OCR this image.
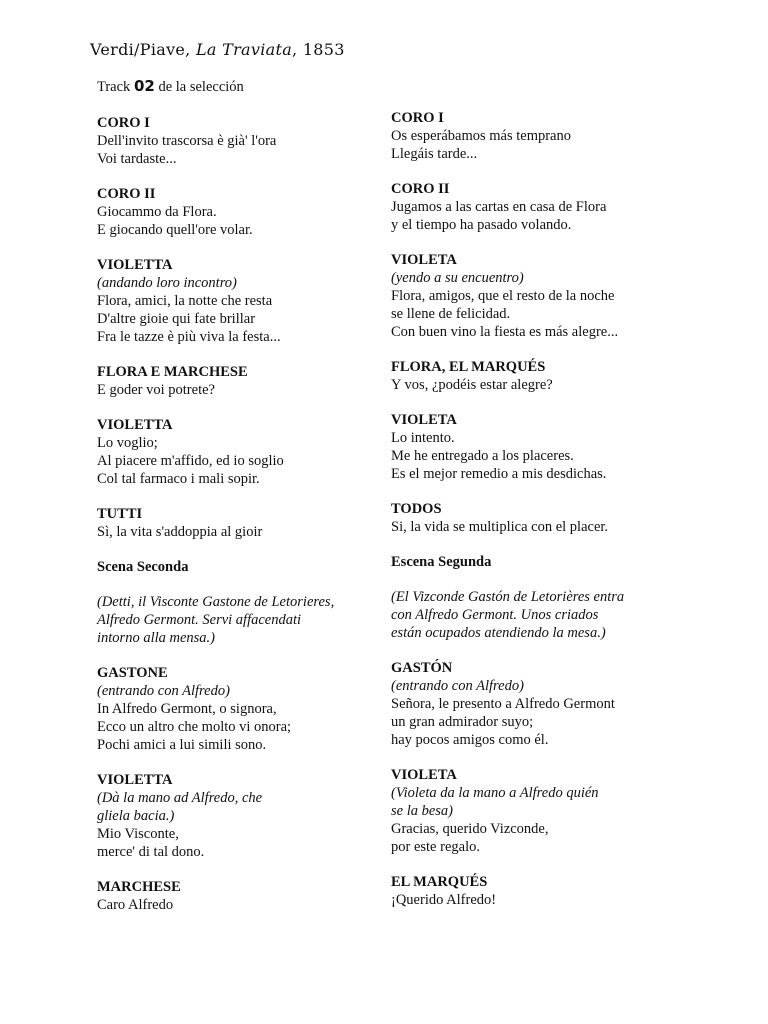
Verdi/Piave, La Traviata, 1853
Track 02 de la selección
CORO I
Dell'invito trascorsa è già' l'ora
Voi tardaste...
CORO II
Giocammo da Flora.
E giocando quell'ore volar.
VIOLETTA
(andando loro incontro)
Flora, amici, la notte che resta
D'altre gioie qui fate brillar
Fra le tazze è più viva la festa...
FLORA E MARCHESE
E goder voi potrete?
VIOLETTA
Lo voglio;
Al piacere m'affido, ed io soglio
Col tal farmaco i mali sopir.
TUTTI
Sì, la vita s'addoppia al gioir
Scena Seconda
(Detti, il Visconte Gastone de Letorieres,
Alfredo Germont. Servi affacendati
intorno alla mensa.)
GASTONE
(entrando con Alfredo)
In Alfredo Germont, o signora,
Ecco un altro che molto vi onora;
Pochi amici a lui simili sono.
VIOLETTA
(Dà la mano ad Alfredo, che
gliela bacia.)
Mio Visconte,
merce' di tal dono.
MARCHESE
Caro Alfredo
CORO I
Os esperábamos más temprano
Llegáis tarde...
CORO II
Jugamos a las cartas en casa de Flora
y el tiempo ha pasado volando.
VIOLETA
(yendo a su encuentro)
Flora, amigos, que el resto de la noche
se llene de felicidad.
Con buen vino la fiesta es más alegre...
FLORA, EL MARQUÉS
Y vos, ¿podéis estar alegre?
VIOLETA
Lo intento.
Me he entregado a los placeres.
Es el mejor remedio a mis desdichas.
TODOS
Si, la vida se multiplica con el placer.
Escena Segunda
(El Vizconde Gastón de Letorières entra
con Alfredo Germont. Unos criados
están ocupados atendiendo la mesa.)
GASTÓN
(entrando con Alfredo)
Señora, le presento a Alfredo Germont
un gran admirador suyo;
hay pocos amigos como él.
VIOLETA
(Violeta da la mano a Alfredo quién
se la besa)
Gracias, querido Vizconde,
por este regalo.
EL MARQUÉS
¡Querido Alfredo!
